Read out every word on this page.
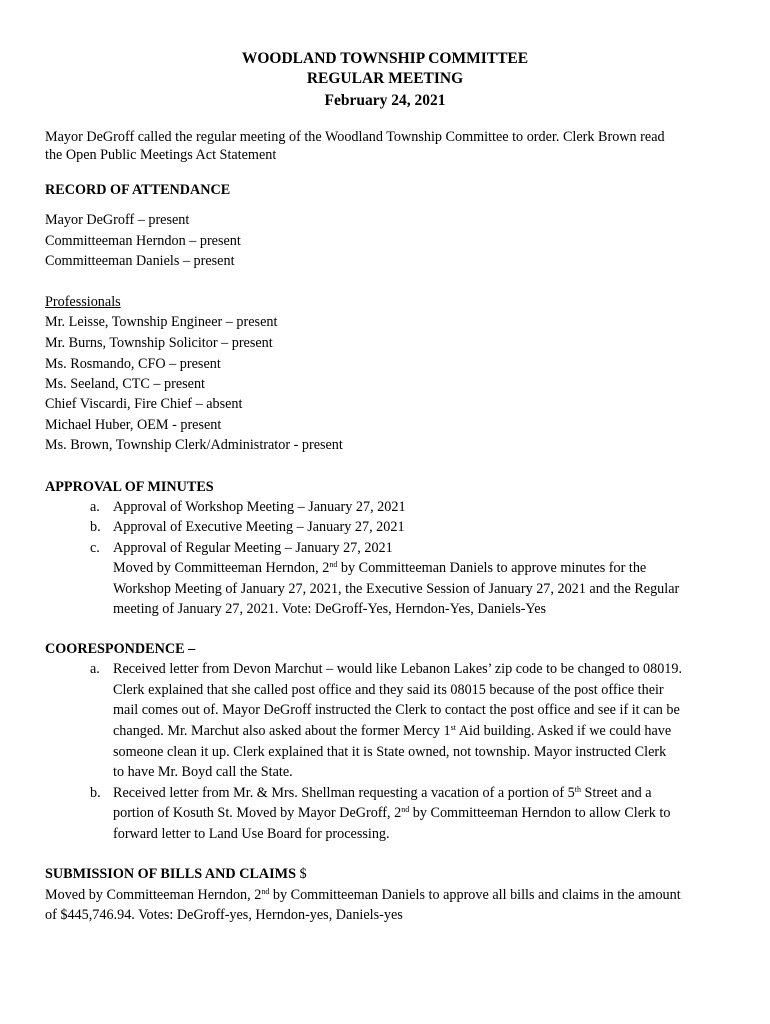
WOODLAND TOWNSHIP COMMITTEE
REGULAR MEETING
February 24, 2021
Mayor DeGroff called the regular meeting of the Woodland Township Committee to order. Clerk Brown read
the Open Public Meetings Act Statement
RECORD OF ATTENDANCE
Mayor DeGroff – present
Committeeman Herndon – present
Committeeman Daniels – present
Professionals
Mr. Leisse, Township Engineer – present
Mr. Burns, Township Solicitor – present
Ms. Rosmando, CFO – present
Ms. Seeland, CTC – present
Chief Viscardi, Fire Chief – absent
Michael Huber, OEM - present
Ms. Brown, Township Clerk/Administrator - present
APPROVAL OF MINUTES
a. Approval of Workshop Meeting – January 27, 2021
b. Approval of Executive Meeting – January 27, 2021
c. Approval of Regular Meeting – January 27, 2021
Moved by Committeeman Herndon, 2nd by Committeeman Daniels to approve minutes for the
Workshop Meeting of January 27, 2021, the Executive Session of January 27, 2021 and the Regular
meeting of January 27, 2021. Vote: DeGroff-Yes, Herndon-Yes, Daniels-Yes
COORESPONDENCE –
a. Received letter from Devon Marchut – would like Lebanon Lakes’ zip code to be changed to 08019.
Clerk explained that she called post office and they said its 08015 because of the post office their
mail comes out of. Mayor DeGroff instructed the Clerk to contact the post office and see if it can be
changed. Mr. Marchut also asked about the former Mercy 1st Aid building. Asked if we could have
someone clean it up. Clerk explained that it is State owned, not township. Mayor instructed Clerk
to have Mr. Boyd call the State.
b. Received letter from Mr. & Mrs. Shellman requesting a vacation of a portion of 5th Street and a
portion of Kosuth St. Moved by Mayor DeGroff, 2nd by Committeeman Herndon to allow Clerk to
forward letter to Land Use Board for processing.
SUBMISSION OF BILLS AND CLAIMS $
Moved by Committeeman Herndon, 2nd by Committeeman Daniels to approve all bills and claims in the amount
of $445,746.94. Votes: DeGroff-yes, Herndon-yes, Daniels-yes
